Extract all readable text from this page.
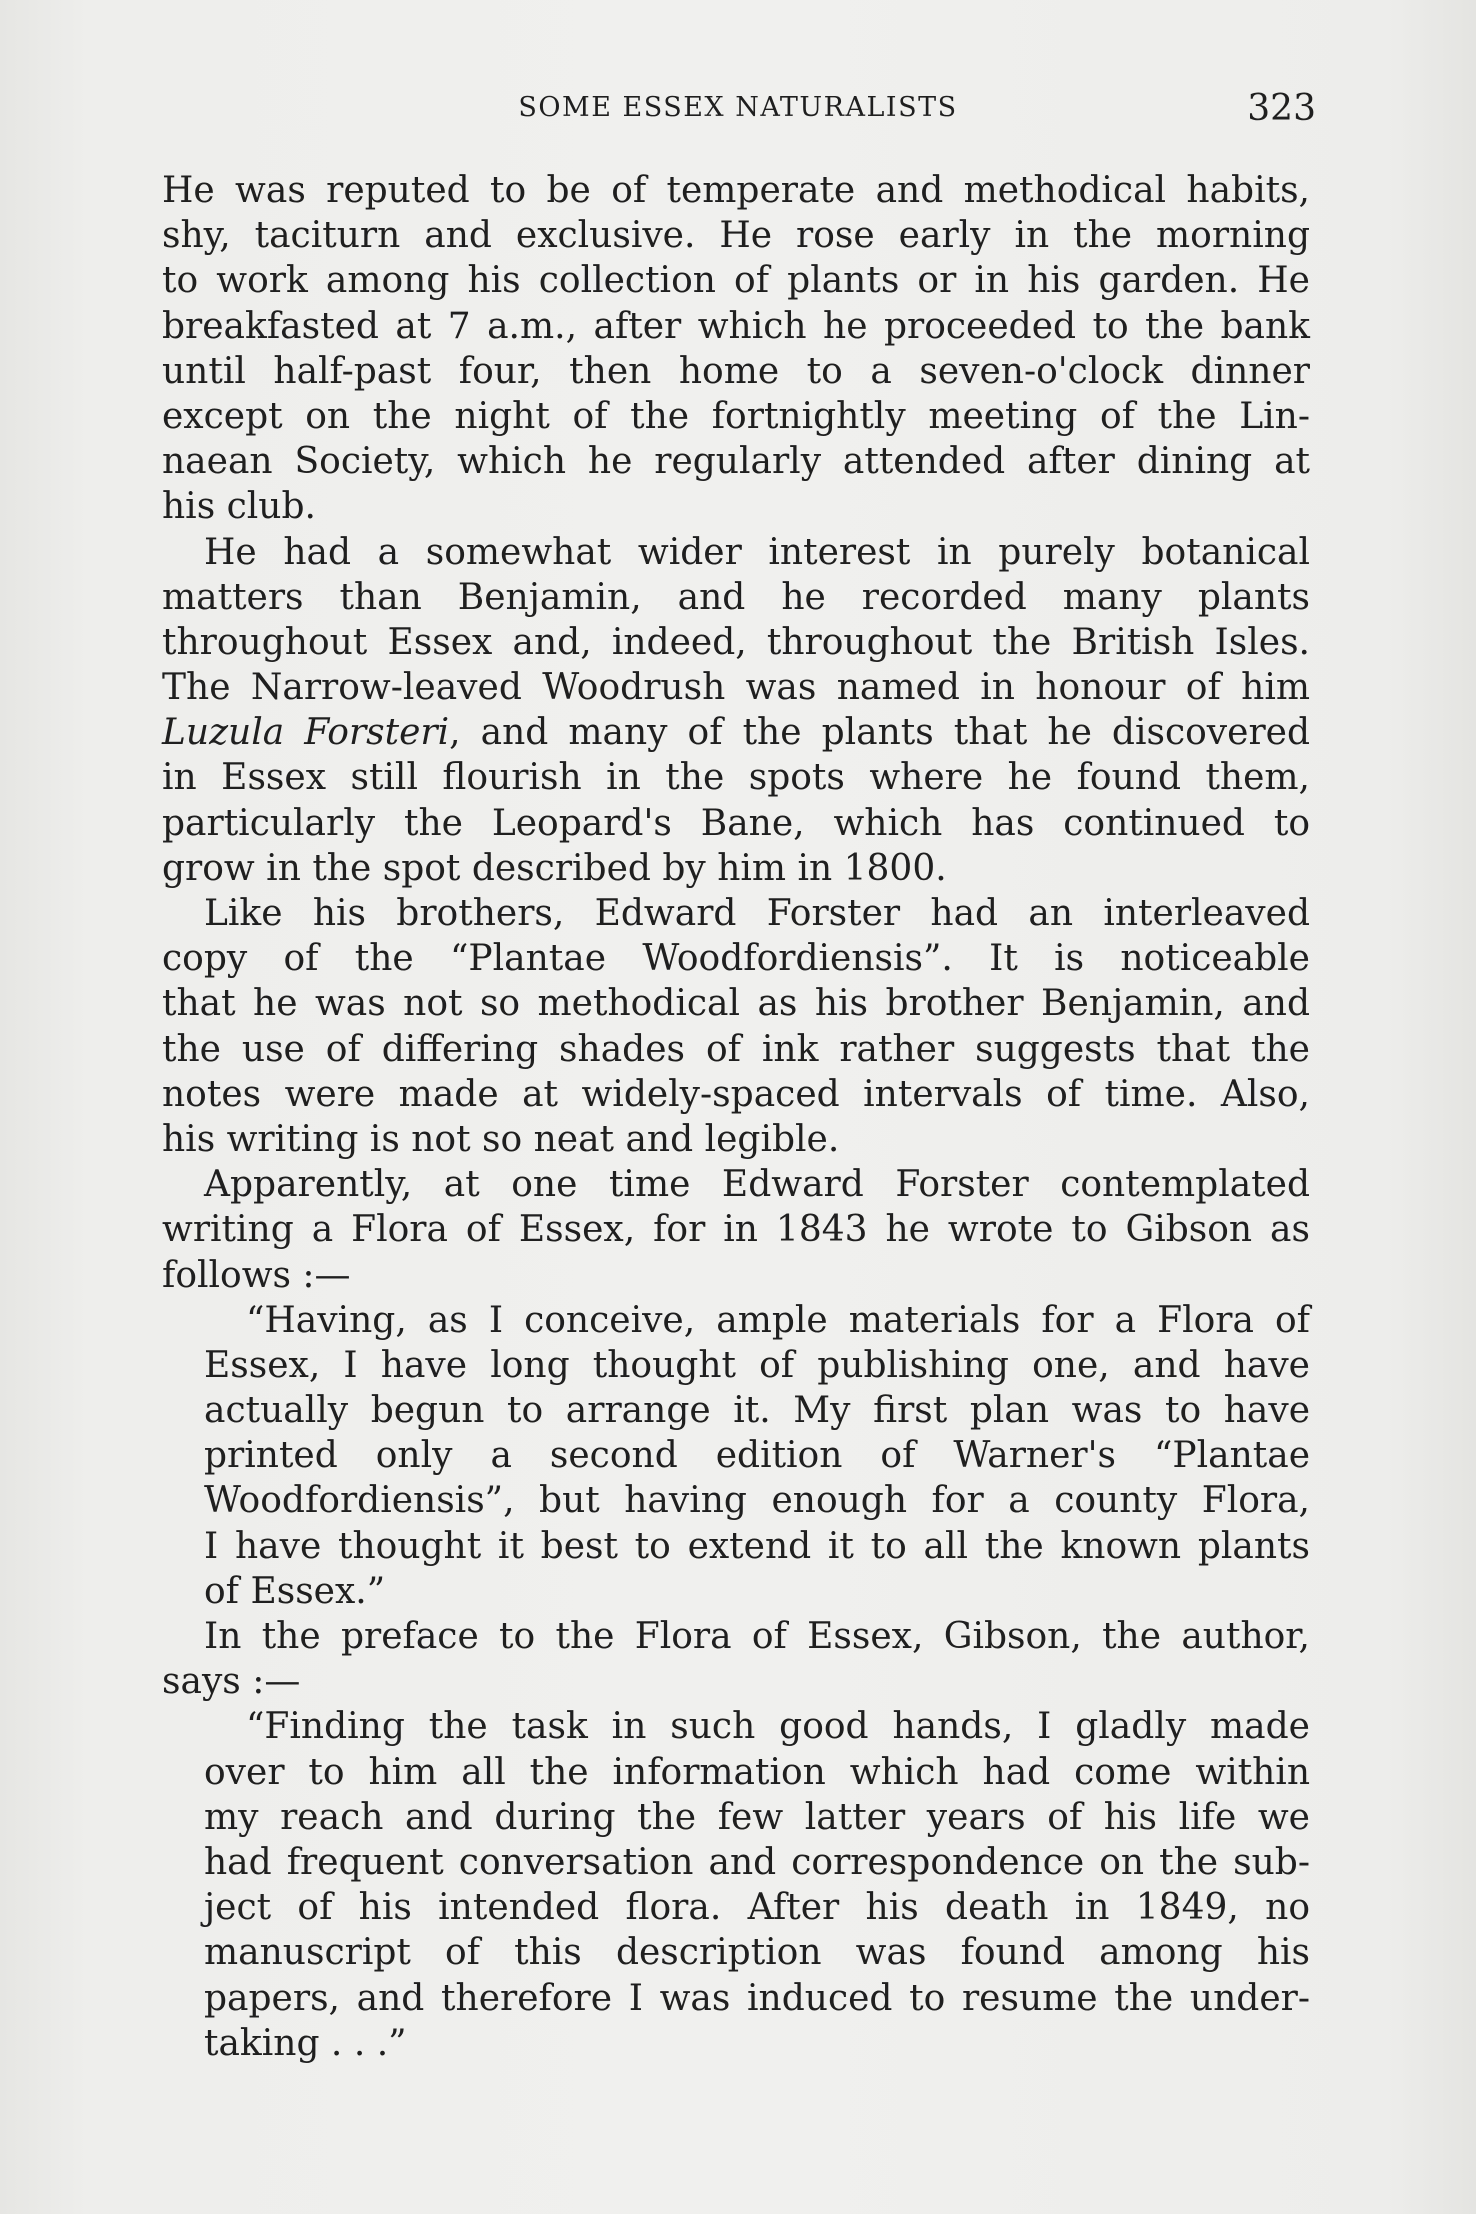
SOME ESSEX NATURALISTS	323
He was reputed to be of temperate and methodical habits,
shy, taciturn and exclusive. He rose early in the morning
to work among his collection of plants or in his garden. He
breakfasted at 7 a.m., after which he proceeded to the bank
until half-past four, then home to a seven-o'clock dinner
except on the night of the fortnightly meeting of the Lin-
naean Society, which he regularly attended after dining at
his club.
He had a somewhat wider interest in purely botanical
matters than Benjamin, and he recorded many plants
throughout Essex and, indeed, throughout the British Isles.
The Narrow-leaved Woodrush was named in honour of him
Luzula Forsteri, and many of the plants that he discovered
in Essex still flourish in the spots where he found them,
particularly the Leopard's Bane, which has continued to
grow in the spot described by him in 1800.
Like his brothers, Edward Forster had an interleaved
copy of the “Plantae Woodfordiensis”. It is noticeable
that he was not so methodical as his brother Benjamin, and
the use of differing shades of ink rather suggests that the
notes were made at widely-spaced intervals of time. Also,
his writing is not so neat and legible.
Apparently, at one time Edward Forster contemplated
writing a Flora of Essex, for in 1843 he wrote to Gibson as
follows :—
“Having, as I conceive, ample materials for a Flora of
Essex, I have long thought of publishing one, and have
actually begun to arrange it. My first plan was to have
printed only a second edition of Warner's “Plantae
Woodfordiensis”, but having enough for a county Flora,
I have thought it best to extend it to all the known plants
of Essex.”
In the preface to the Flora of Essex, Gibson, the author,
says :—
“Finding the task in such good hands, I gladly made
over to him all the information which had come within
my reach and during the few latter years of his life we
had frequent conversation and correspondence on the sub-
ject of his intended flora. After his death in 1849, no
manuscript of this description was found among his
papers, and therefore I was induced to resume the under-
taking . . .”
